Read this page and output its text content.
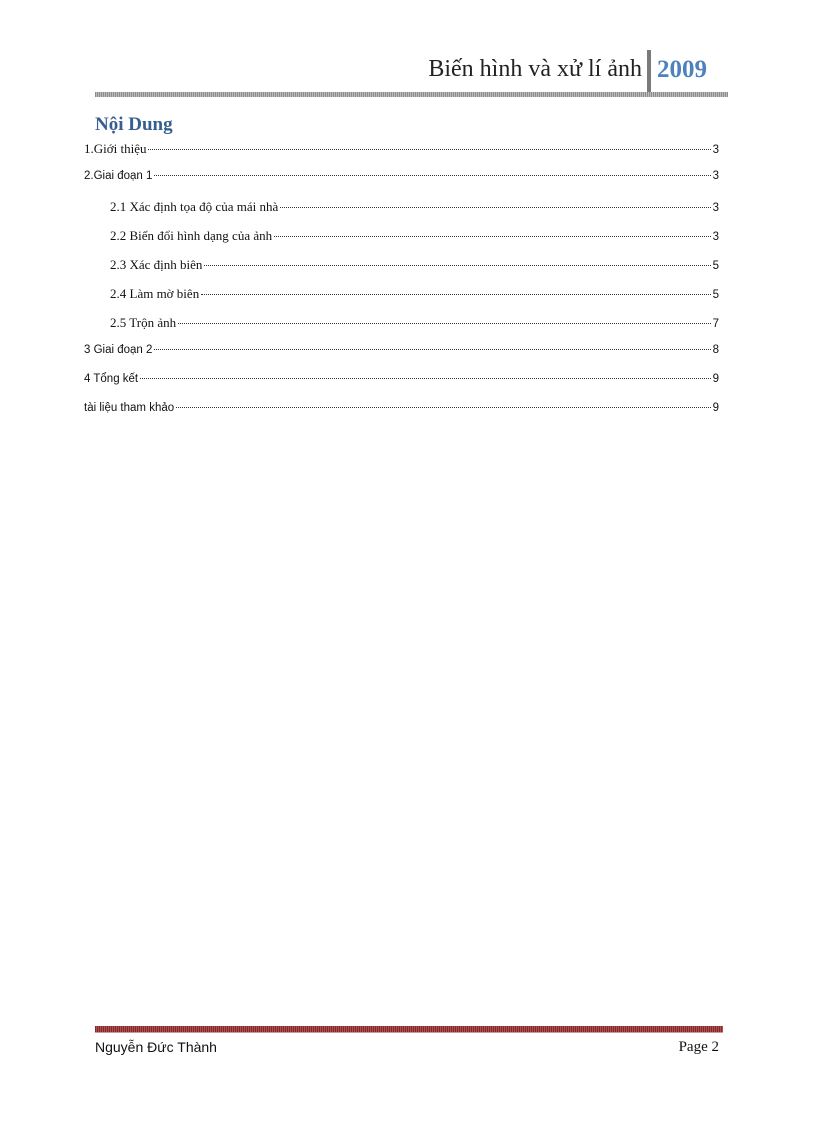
Biến hình và xử lí ảnh 2009
Nội Dung
1.Giới thiệu	3
2.Giai đoạn 1	3
2.1 Xác định tọa độ của mái nhà	3
2.2 Biến đổi hình dạng của ảnh	3
2.3 Xác định biên	5
2.4 Làm mờ biên	5
2.5 Trộn ảnh	7
3 Giai đoạn 2	8
4 Tổng kết	9
tài liệu tham khảo	9
Nguyễn Đức Thành	Page 2
